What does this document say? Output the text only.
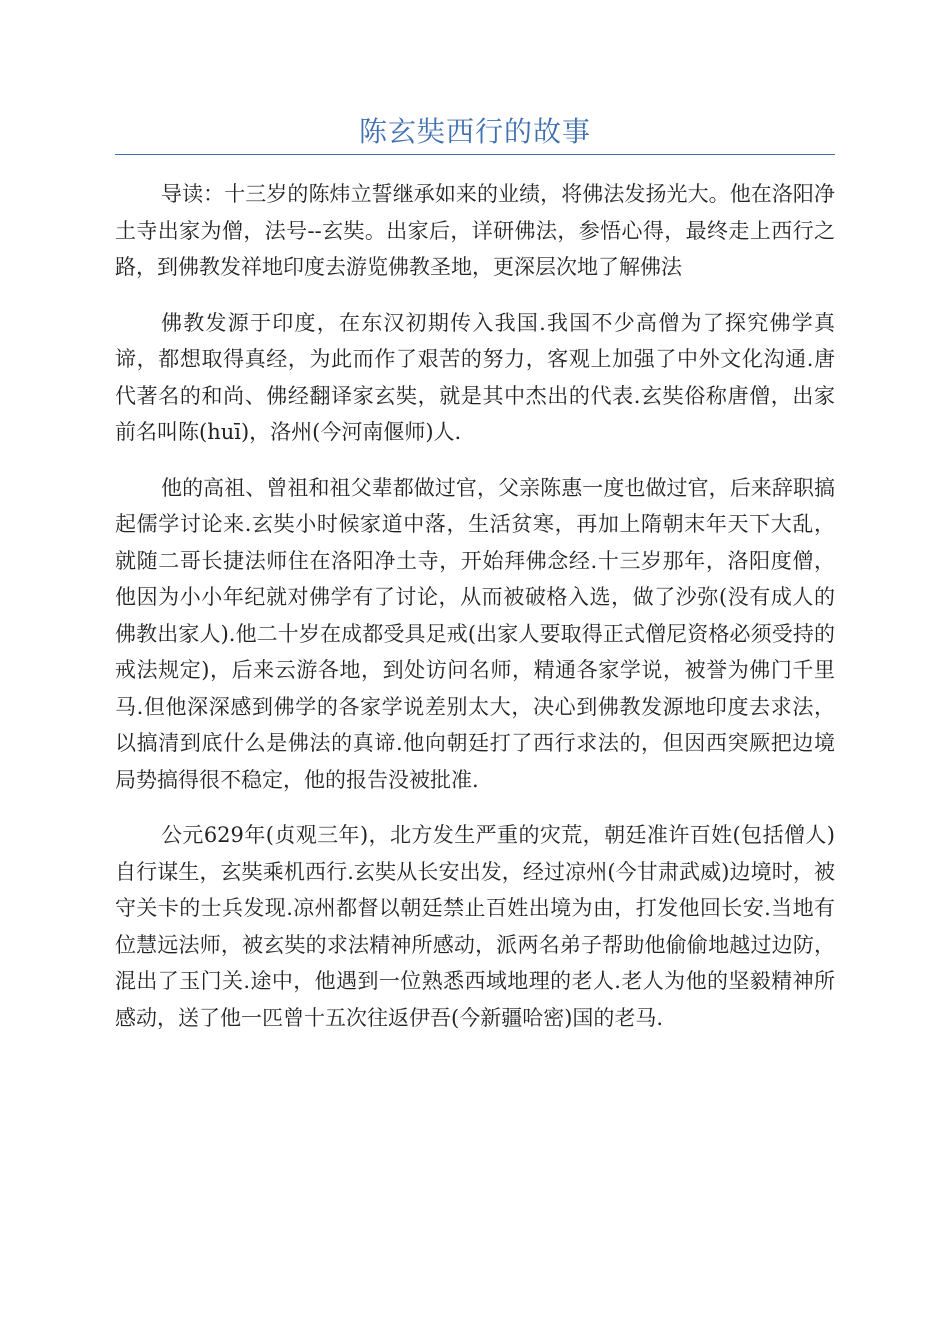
陈玄奘西行的故事

导读：十三岁的陈炜立誓继承如来的业绩，将佛法发扬光大。他在洛阳净土寺出家为僧，法号--玄奘。出家后，详研佛法，参悟心得，最终走上西行之路，到佛教发祥地印度去游览佛教圣地，更深层次地了解佛法

佛教发源于印度，在东汉初期传入我国.我国不少高僧为了探究佛学真谛，都想取得真经，为此而作了艰苦的努力，客观上加强了中外文化沟通.唐代著名的和尚、佛经翻译家玄奘，就是其中杰出的代表.玄奘俗称唐僧，出家前名叫陈(huī)，洛州(今河南偃师)人.

他的高祖、曾祖和祖父辈都做过官，父亲陈惠一度也做过官，后来辞职搞起儒学讨论来.玄奘小时候家道中落，生活贫寒，再加上隋朝末年天下大乱，就随二哥长捷法师住在洛阳净土寺，开始拜佛念经.十三岁那年，洛阳度僧，他因为小小年纪就对佛学有了讨论，从而被破格入选，做了沙弥(没有成人的佛教出家人).他二十岁在成都受具足戒(出家人要取得正式僧尼资格必须受持的戒法规定)，后来云游各地，到处访问名师，精通各家学说，被誉为佛门千里马.但他深深感到佛学的各家学说差别太大，决心到佛教发源地印度去求法，以搞清到底什么是佛法的真谛.他向朝廷打了西行求法的，但因西突厥把边境局势搞得很不稳定，他的报告没被批准.

公元629年(贞观三年)，北方发生严重的灾荒，朝廷准许百姓(包括僧人)自行谋生，玄奘乘机西行.玄奘从长安出发，经过凉州(今甘肃武威)边境时，被守关卡的士兵发现.凉州都督以朝廷禁止百姓出境为由，打发他回长安.当地有位慧远法师，被玄奘的求法精神所感动，派两名弟子帮助他偷偷地越过边防，混出了玉门关.途中，他遇到一位熟悉西域地理的老人.老人为他的坚毅精神所感动，送了他一匹曾十五次往返伊吾(今新疆哈密)国的老马.
